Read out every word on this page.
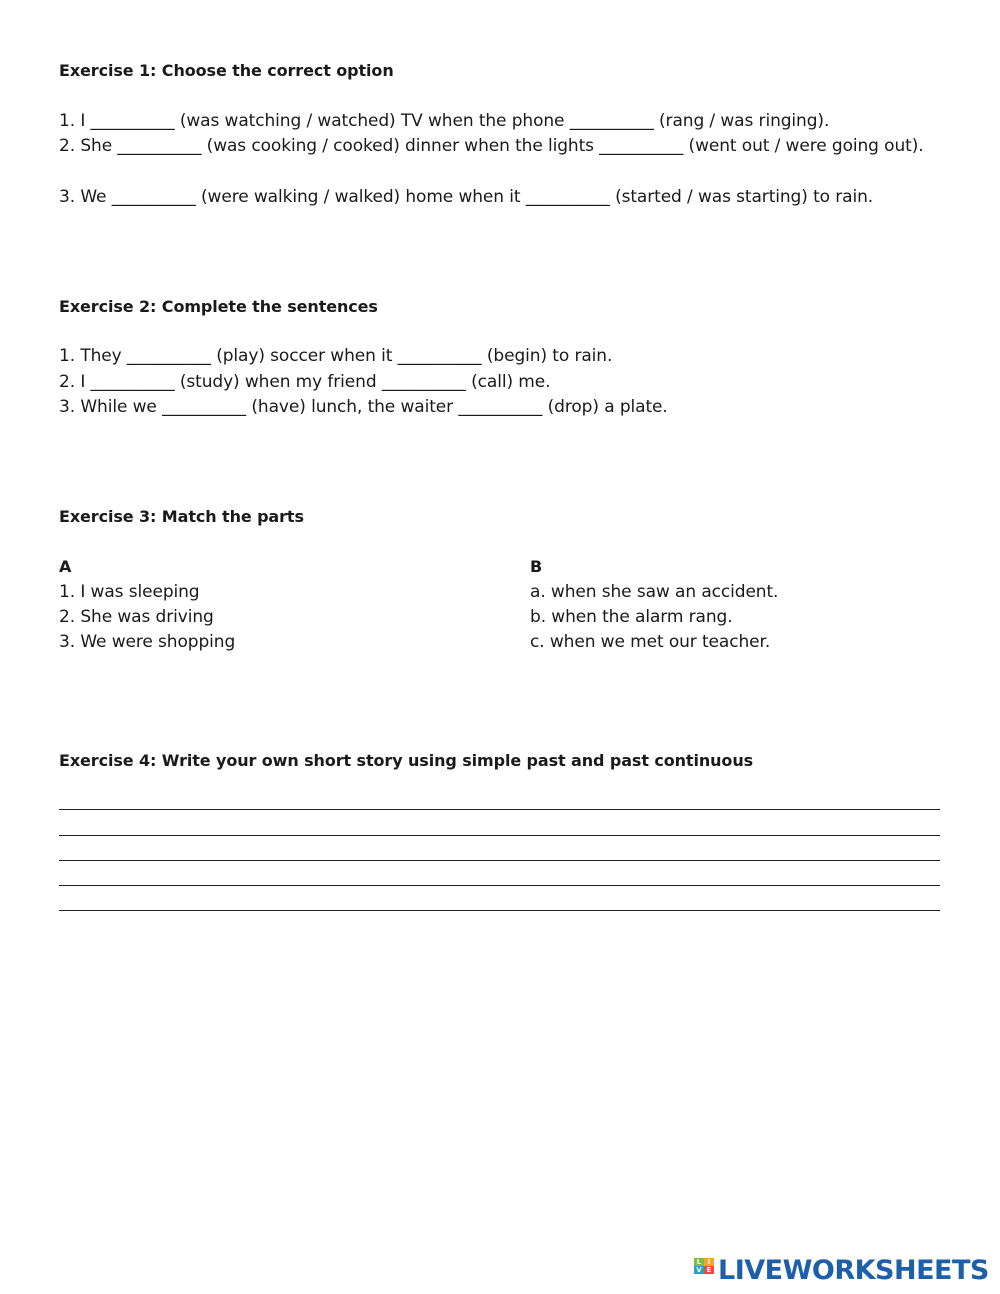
Exercise 1: Choose the correct option
1. I __________ (was watching / watched) TV when the phone __________ (rang / was ringing).
2. She __________ (was cooking / cooked) dinner when the lights __________ (went out / were going out).
3. We __________ (were walking / walked) home when it __________ (started / was starting) to rain.
Exercise 2: Complete the sentences
1. They __________ (play) soccer when it __________ (begin) to rain.
2. I __________ (study) when my friend __________ (call) me.
3. While we __________ (have) lunch, the waiter __________ (drop) a plate.
Exercise 3: Match the parts
A	B
1. I was sleeping
2. She was driving
3. We were shopping
a. when she saw an accident.
b. when the alarm rang.
c. when we met our teacher.
Exercise 4: Write your own short story using simple past and past continuous
L I
V E LIVEWORKSHEETS
